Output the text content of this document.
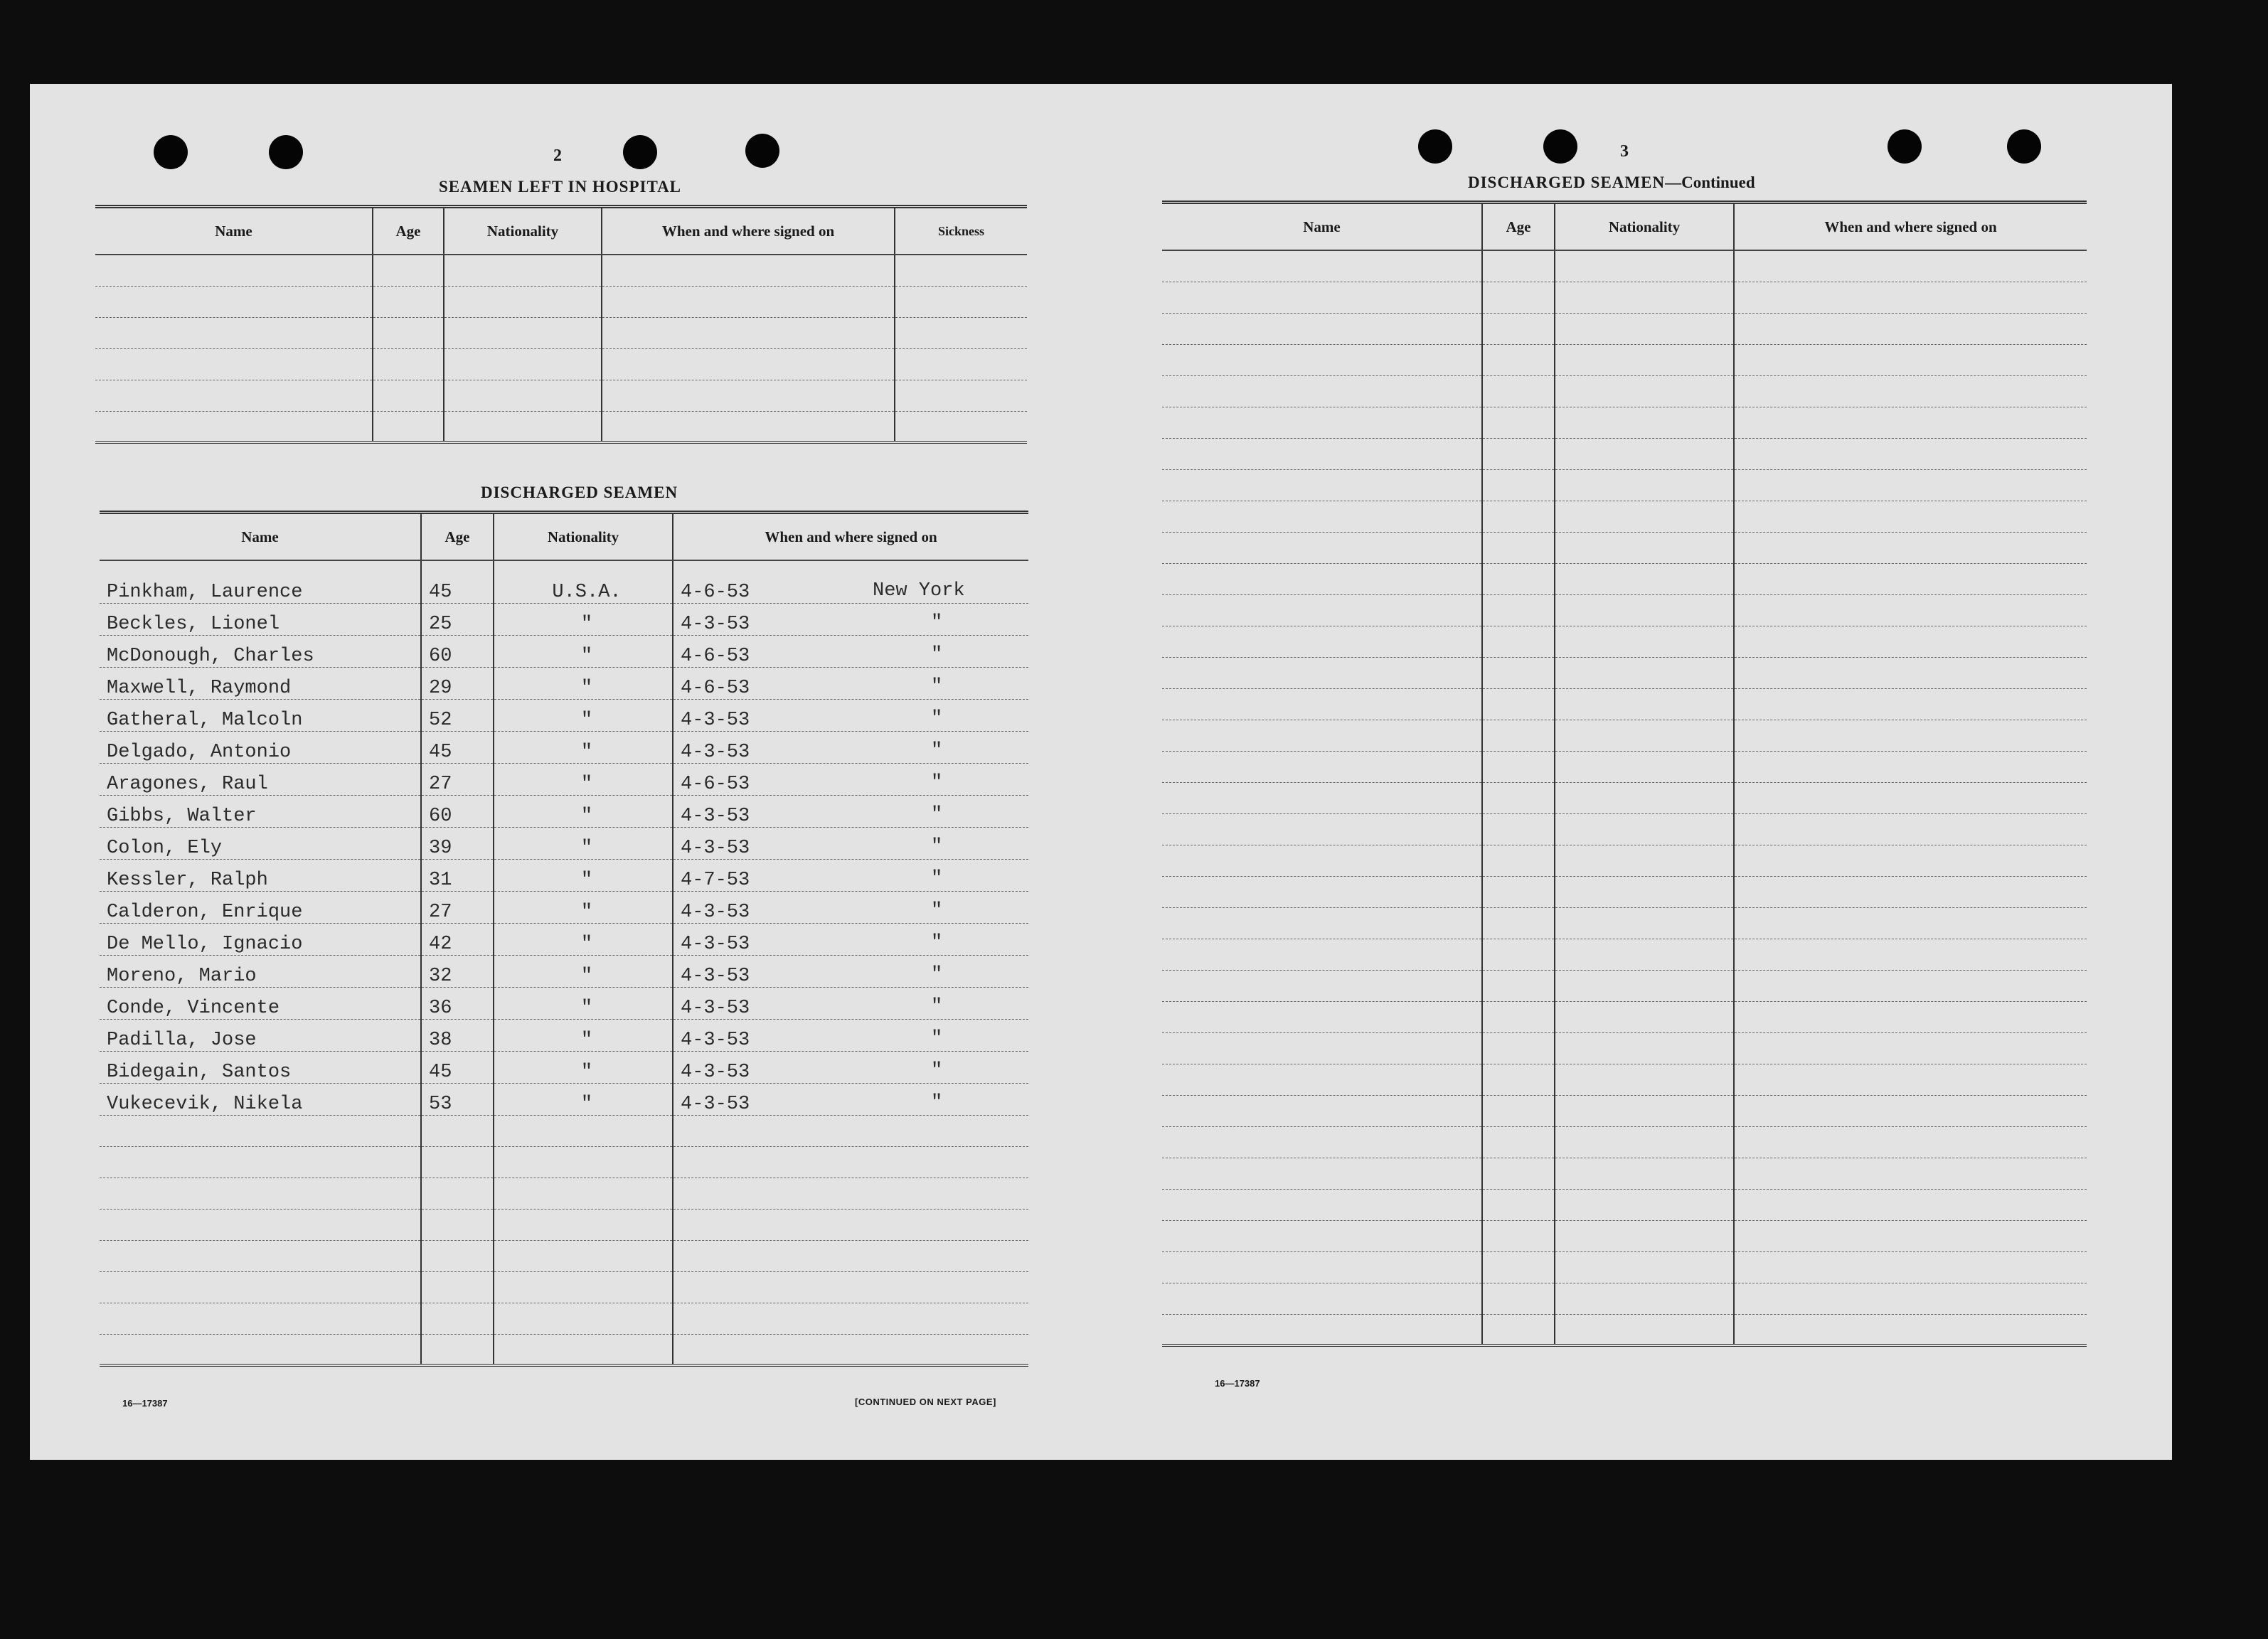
2
SEAMEN LEFT IN HOSPITAL
Name	Age	Nationality	When and where signed on	Sickness

DISCHARGED SEAMEN
Name	Age	Nationality	When and where signed on
Pinkham, Laurence	45	U.S.A.	4-6-53 New York

Beckles, Lionel	25	"	4-3-53 "

McDonough, Charles	60	"	4-6-53 "

Maxwell, Raymond	29	"	4-6-53 "

Gatheral, Malcoln	52	"	4-3-53 "

Delgado, Antonio	45	"	4-3-53 "

Aragones, Raul	27	"	4-6-53 "

Gibbs, Walter	60	"	4-3-53 "

Colon, Ely	39	"	4-3-53 "

Kessler, Ralph	31	"	4-7-53 "

Calderon, Enrique	27	"	4-3-53 "

De Mello, Ignacio	42	"	4-3-53 "

Moreno, Mario	32	"	4-3-53 "

Conde, Vincente	36	"	4-3-53 "

Padilla, Jose	38	"	4-3-53 "

Bidegain, Santos	45	"	4-3-53 "

Vukecevik, Nikela	53	"	4-3-53 "

16—17387	[CONTINUED ON NEXT PAGE]
3
DISCHARGED SEAMEN—Continued
Name	Age	Nationality	When and where signed on

16—17387
